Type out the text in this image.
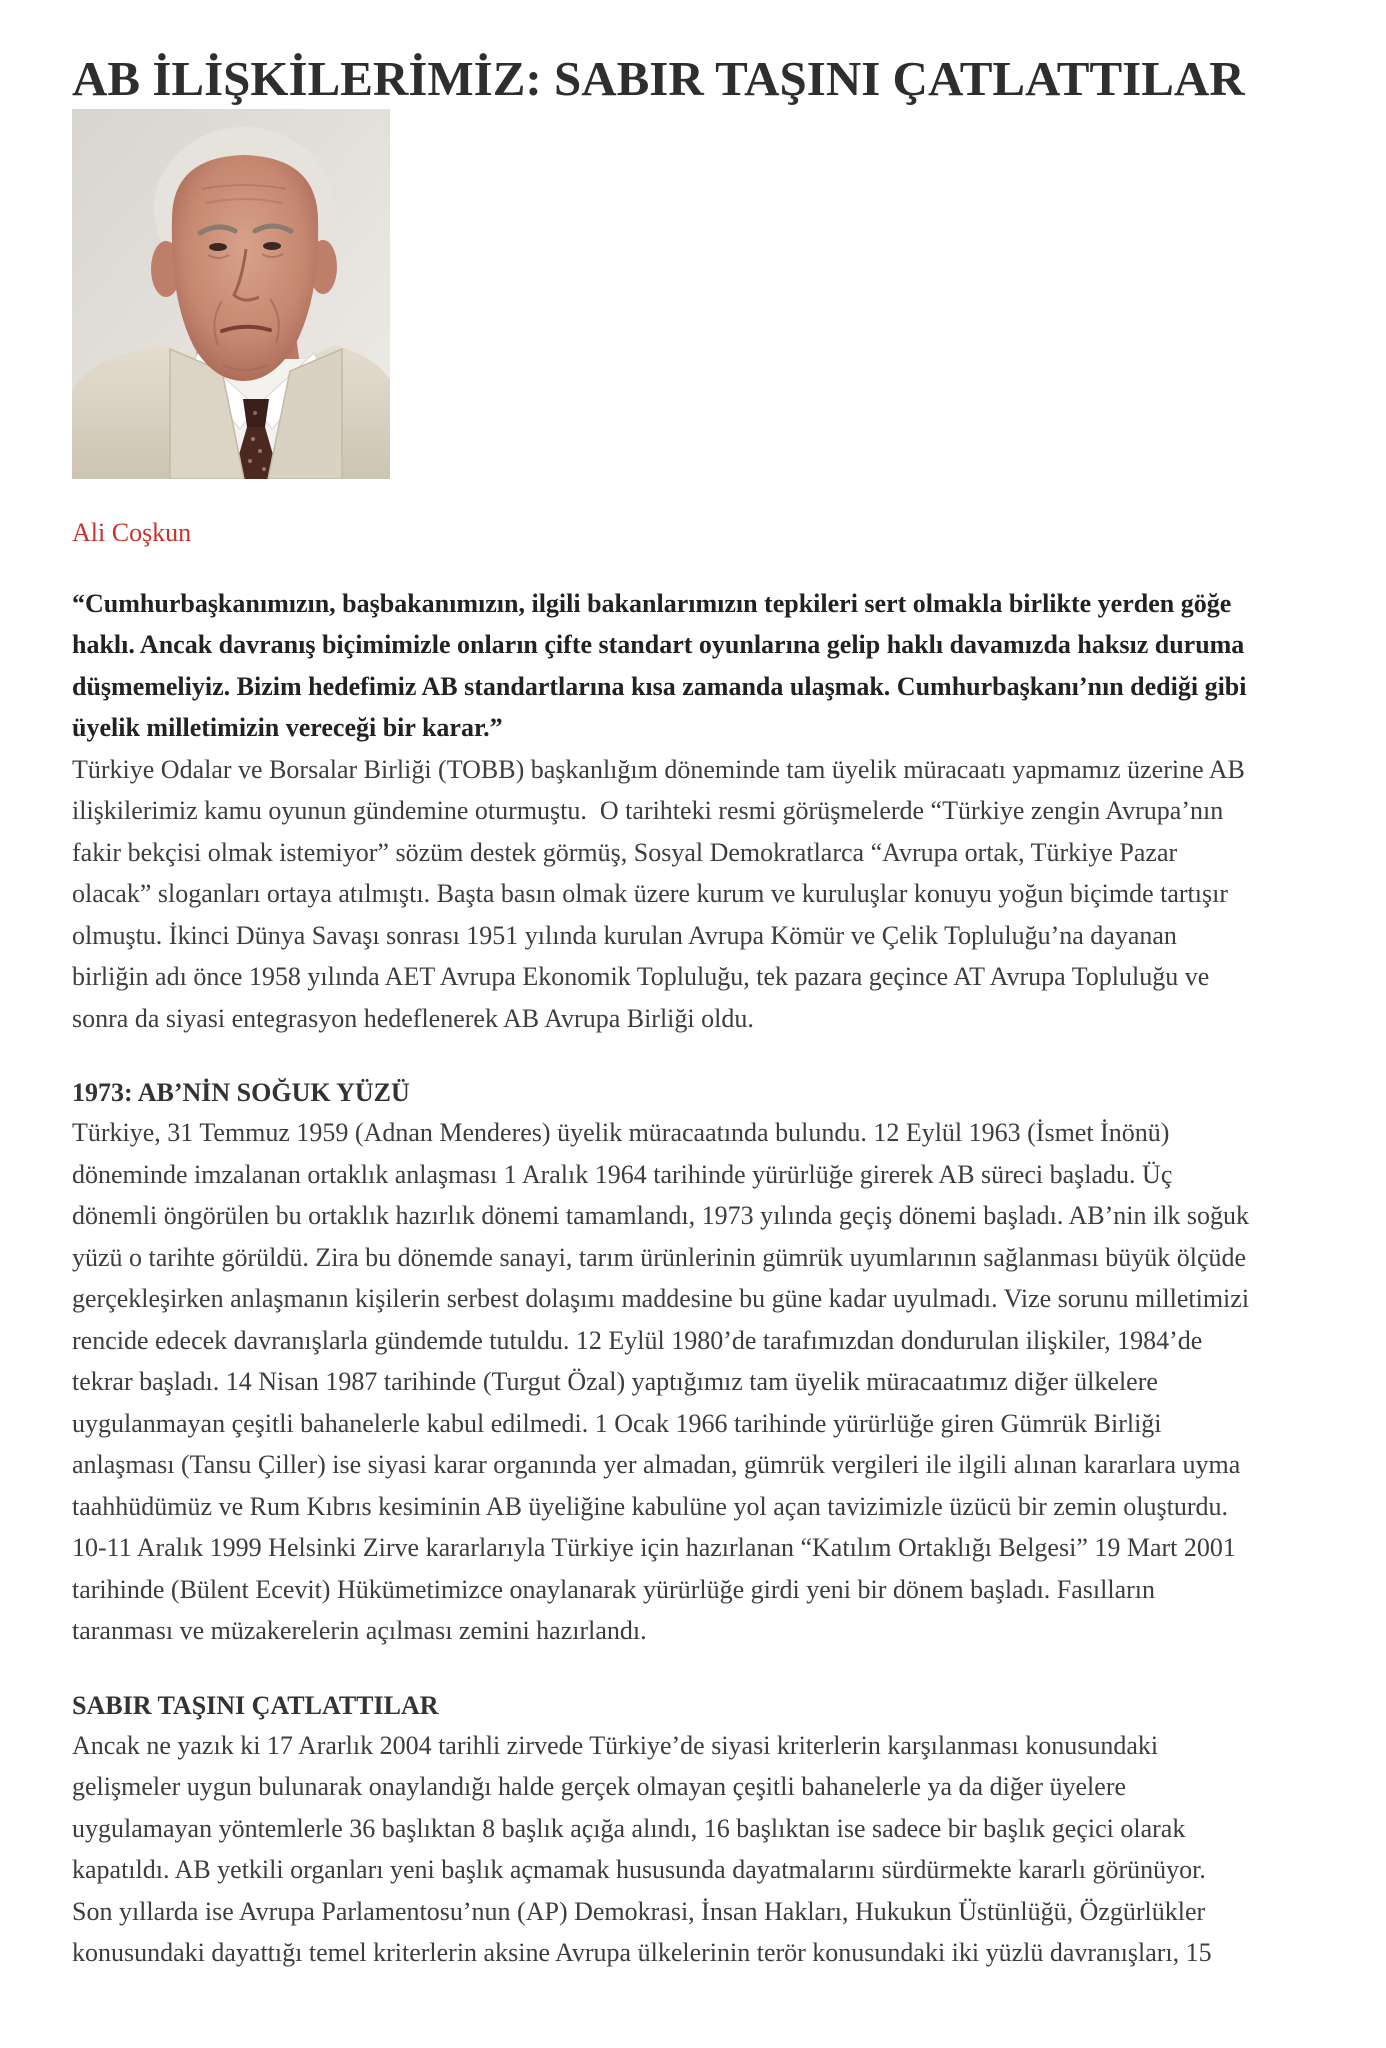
AB İLİŞKİLERİMİZ: SABIR TAŞINI ÇATLATTILAR
Ali Coşkun
“Cumhurbaşkanımızın, başbakanımızın, ilgili bakanlarımızın tepkileri sert olmakla birlikte yerden göğe
haklı. Ancak davranış biçimimizle onların çifte standart oyunlarına gelip haklı davamızda haksız duruma
düşmemeliyiz. Bizim hedefimiz AB standartlarına kısa zamanda ulaşmak. Cumhurbaşkanı’nın dediği gibi
üyelik milletimizin vereceği bir karar.”
Türkiye Odalar ve Borsalar Birliği (TOBB) başkanlığım döneminde tam üyelik müracaatı yapmamız üzerine AB
ilişkilerimiz kamu oyunun gündemine oturmuştu.  O tarihteki resmi görüşmelerde “Türkiye zengin Avrupa’nın
fakir bekçisi olmak istemiyor” sözüm destek görmüş, Sosyal Demokratlarca “Avrupa ortak, Türkiye Pazar
olacak” sloganları ortaya atılmıştı. Başta basın olmak üzere kurum ve kuruluşlar konuyu yoğun biçimde tartışır
olmuştu. İkinci Dünya Savaşı sonrası 1951 yılında kurulan Avrupa Kömür ve Çelik Topluluğu’na dayanan
birliğin adı önce 1958 yılında AET Avrupa Ekonomik Topluluğu, tek pazara geçince AT Avrupa Topluluğu ve
sonra da siyasi entegrasyon hedeflenerek AB Avrupa Birliği oldu.
1973: AB’NİN SOĞUK YÜZÜ
Türkiye, 31 Temmuz 1959 (Adnan Menderes) üyelik müracaatında bulundu. 12 Eylül 1963 (İsmet İnönü)
döneminde imzalanan ortaklık anlaşması 1 Aralık 1964 tarihinde yürürlüğe girerek AB süreci başladu. Üç
dönemli öngörülen bu ortaklık hazırlık dönemi tamamlandı, 1973 yılında geçiş dönemi başladı. AB’nin ilk soğuk
yüzü o tarihte görüldü. Zira bu dönemde sanayi, tarım ürünlerinin gümrük uyumlarının sağlanması büyük ölçüde
gerçekleşirken anlaşmanın kişilerin serbest dolaşımı maddesine bu güne kadar uyulmadı. Vize sorunu milletimizi
rencide edecek davranışlarla gündemde tutuldu. 12 Eylül 1980’de tarafımızdan dondurulan ilişkiler, 1984’de
tekrar başladı. 14 Nisan 1987 tarihinde (Turgut Özal) yaptığımız tam üyelik müracaatımız diğer ülkelere
uygulanmayan çeşitli bahanelerle kabul edilmedi. 1 Ocak 1966 tarihinde yürürlüğe giren Gümrük Birliği
anlaşması (Tansu Çiller) ise siyasi karar organında yer almadan, gümrük vergileri ile ilgili alınan kararlara uyma
taahhüdümüz ve Rum Kıbrıs kesiminin AB üyeliğine kabulüne yol açan tavizimizle üzücü bir zemin oluşturdu.
10-11 Aralık 1999 Helsinki Zirve kararlarıyla Türkiye için hazırlanan “Katılım Ortaklığı Belgesi” 19 Mart 2001
tarihinde (Bülent Ecevit) Hükümetimizce onaylanarak yürürlüğe girdi yeni bir dönem başladı. Fasılların
taranması ve müzakerelerin açılması zemini hazırlandı.
SABIR TAŞINI ÇATLATTILAR
Ancak ne yazık ki 17 Ararlık 2004 tarihli zirvede Türkiye’de siyasi kriterlerin karşılanması konusundaki
gelişmeler uygun bulunarak onaylandığı halde gerçek olmayan çeşitli bahanelerle ya da diğer üyelere
uygulamayan yöntemlerle 36 başlıktan 8 başlık açığa alındı, 16 başlıktan ise sadece bir başlık geçici olarak
kapatıldı. AB yetkili organları yeni başlık açmamak hususunda dayatmalarını sürdürmekte kararlı görünüyor.
Son yıllarda ise Avrupa Parlamentosu’nun (AP) Demokrasi, İnsan Hakları, Hukukun Üstünlüğü, Özgürlükler
konusundaki dayattığı temel kriterlerin aksine Avrupa ülkelerinin terör konusundaki iki yüzlü davranışları, 15
